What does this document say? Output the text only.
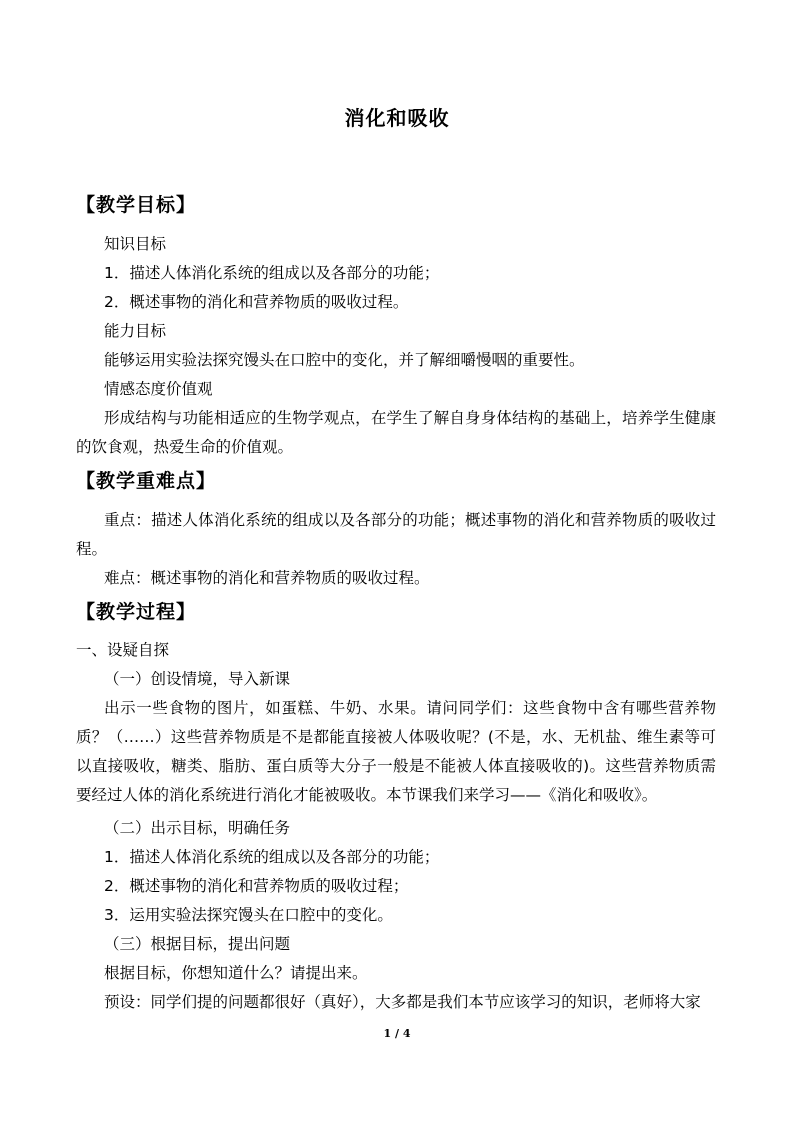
消化和吸收
【教学目标】
知识目标
1．描述人体消化系统的组成以及各部分的功能；
2．概述事物的消化和营养物质的吸收过程。
能力目标
能够运用实验法探究馒头在口腔中的变化，并了解细嚼慢咽的重要性。
情感态度价值观
形成结构与功能相适应的生物学观点，在学生了解自身身体结构的基础上，培养学生健康的饮食观，热爱生命的价值观。
【教学重难点】
重点：描述人体消化系统的组成以及各部分的功能；概述事物的消化和营养物质的吸收过程。
难点：概述事物的消化和营养物质的吸收过程。
【教学过程】
一、设疑自探
（一）创设情境，导入新课
出示一些食物的图片，如蛋糕、牛奶、水果。请问同学们：这些食物中含有哪些营养物质？（……）这些营养物质是不是都能直接被人体吸收呢？(不是，水、无机盐、维生素等可以直接吸收，糖类、脂肪、蛋白质等大分子一般是不能被人体直接吸收的)。这些营养物质需要经过人体的消化系统进行消化才能被吸收。本节课我们来学习——《消化和吸收》。
（二）出示目标，明确任务
1．描述人体消化系统的组成以及各部分的功能；
2．概述事物的消化和营养物质的吸收过程；
3．运用实验法探究馒头在口腔中的变化。
（三）根据目标，提出问题
根据目标，你想知道什么？请提出来。
预设：同学们提的问题都很好（真好），大多都是我们本节应该学习的知识，老师将大家
1 / 4
